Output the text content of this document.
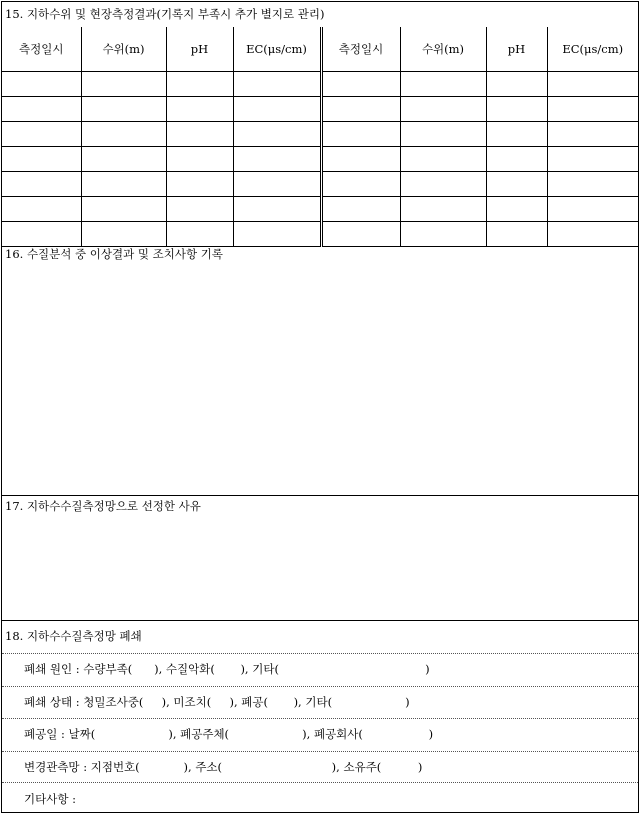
15. 지하수위 및 현장측정결과(기록지 부족시 추가 별지로 관리)
측정일시	수위(m)	pH	EC(μs/cm)	측정일시	수위(m)	pH	EC(μs/cm)

16. 수질분석 중 이상결과 및 조치사항 기록
17. 지하수수질측정망으로 선정한 사유
18. 지하수수질측정망 폐쇄
폐쇄 원인 : 수량부족(      ), 수질악화(       ), 기타(                                        )
폐쇄 상태 : 청밀조사중(     ), 미조치(     ), 폐공(       ), 기타(                    )
폐공일 : 날짜(                    ), 폐공주체(                    ), 폐공회사(                  )
변경관측망 : 지점번호(            ), 주소(                              ), 소유주(          )
기타사항 :
